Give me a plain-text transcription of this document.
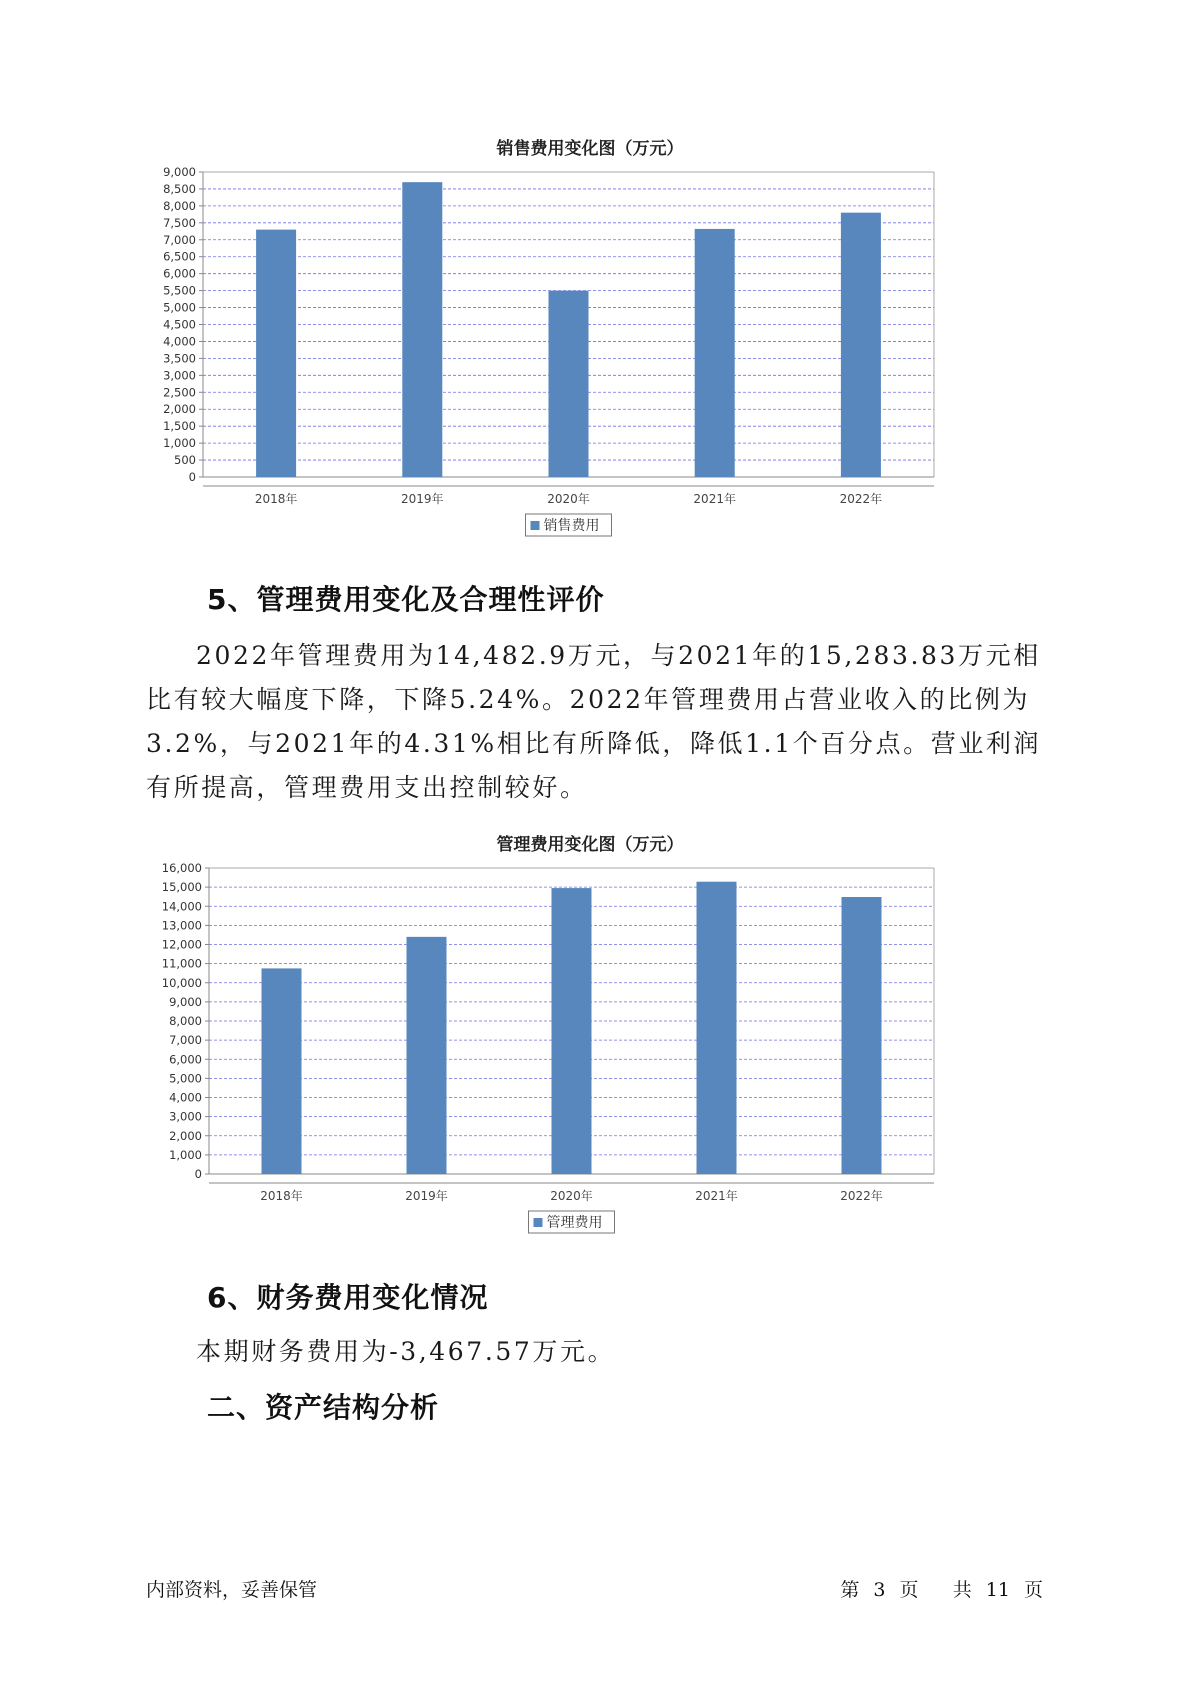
销售费用变化图（万元）
0
500
1,000
1,500
2,000
2,500
3,000
3,500
4,000
4,500
5,000
5,500
6,000
6,500
7,000
7,500
8,000
8,500
9,000
2018年	2019年	2020年	2021年	2022年
销售费用
5、管理费用变化及合理性评价

2022年管理费用为14,482.9万元，与2021年的15,283.83万元相比有较大幅度下降，下降5.24%。2022年管理费用占营业收入的比例为3.2%，与2021年的4.31%相比有所降低，降低1.1个百分点。营业利润有所提高，管理费用支出控制较好。

管理费用变化图（万元）
0
1,000
2,000
3,000
4,000
5,000
6,000
7,000
8,000
9,000
10,000
11,000
12,000
13,000
14,000
15,000
16,000
2018年	2019年	2020年	2021年	2022年
管理费用
6、财务费用变化情况

本期财务费用为-3,467.57万元。

二、资产结构分析
内部资料，妥善保管	第 3 页 共 11 页
